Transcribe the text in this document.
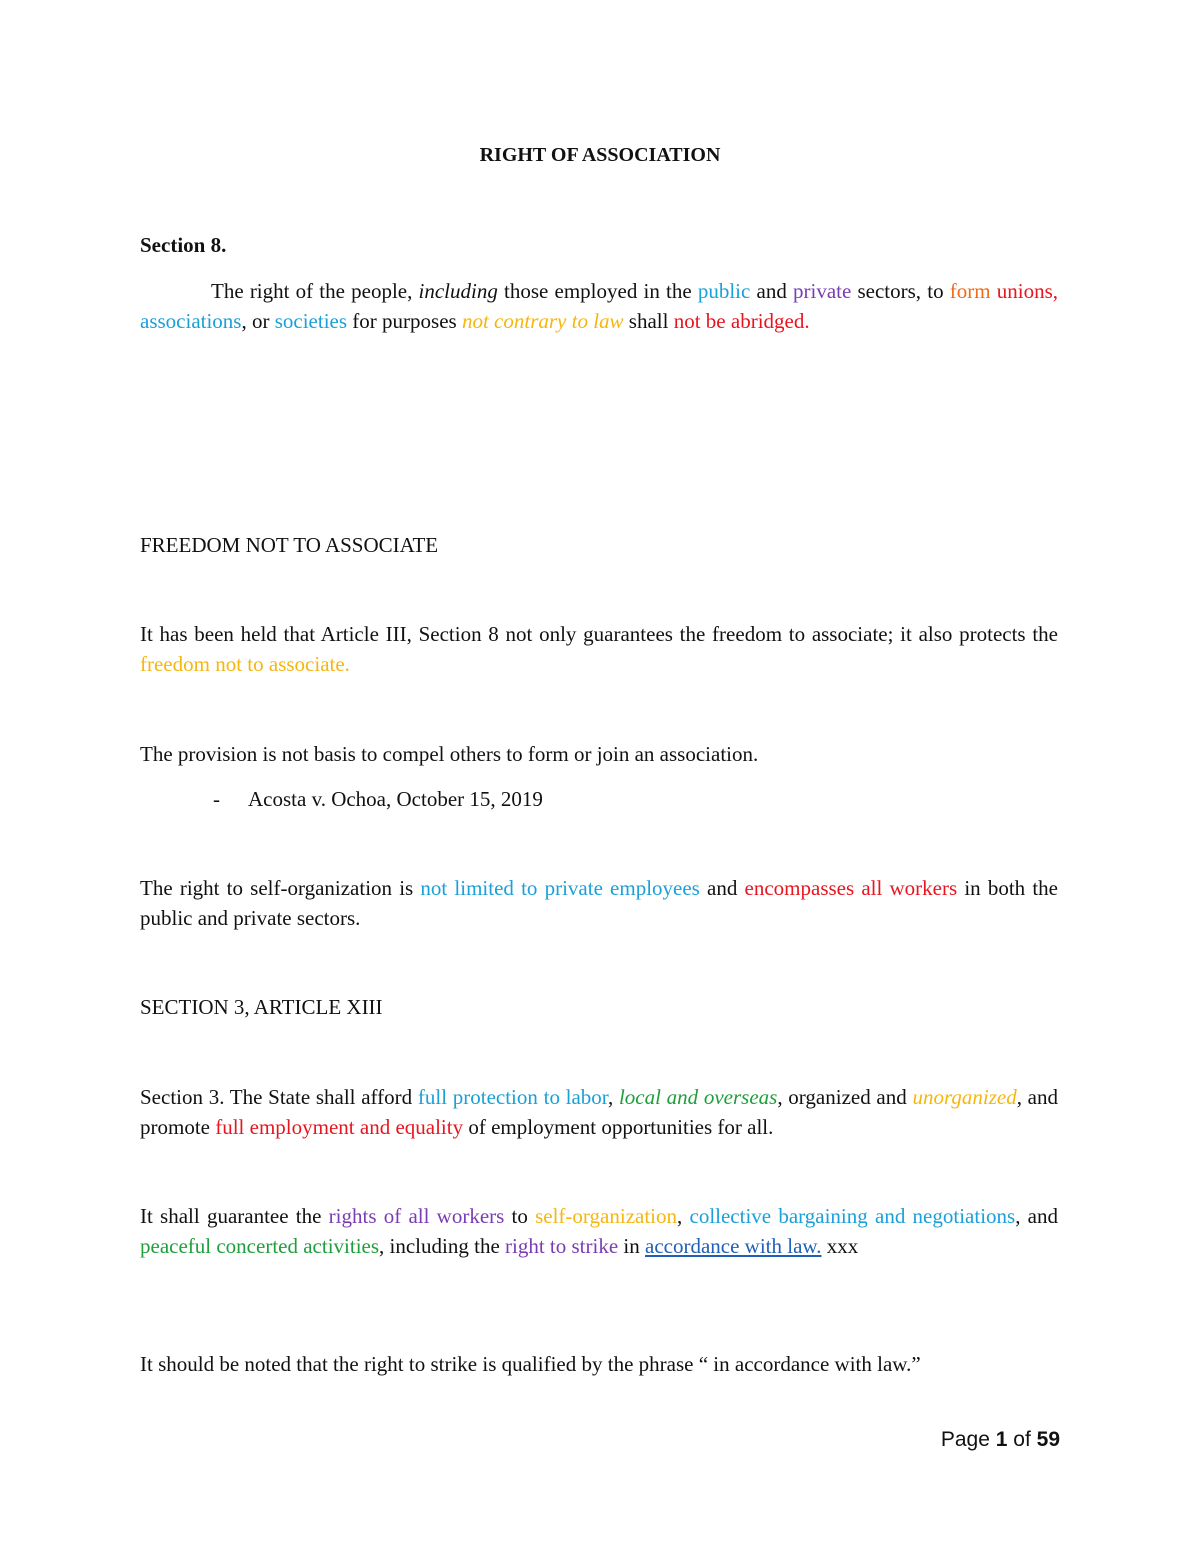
RIGHT OF ASSOCIATION
Section 8.

The right of the people, including those employed in the public and private sectors, to form unions, associations, or societies for purposes not contrary to law shall not be abridged.

FREEDOM NOT TO ASSOCIATE

It has been held that Article III, Section 8 not only guarantees the freedom to associate; it also protects the freedom not to associate.

The provision is not basis to compel others to form or join an association.
- Acosta v. Ochoa, October 15, 2019

The right to self-organization is not limited to private employees and encompasses all workers in both the public and private sectors.

SECTION 3, ARTICLE XIII

Section 3. The State shall afford full protection to labor, local and overseas, organized and unorganized, and promote full employment and equality of employment opportunities for all.

It shall guarantee the rights of all workers to self-organization, collective bargaining and negotiations, and peaceful concerted activities, including the right to strike in accordance with law. xxx

It should be noted that the right to strike is qualified by the phrase “ in accordance with law.”
Page 1 of 59
